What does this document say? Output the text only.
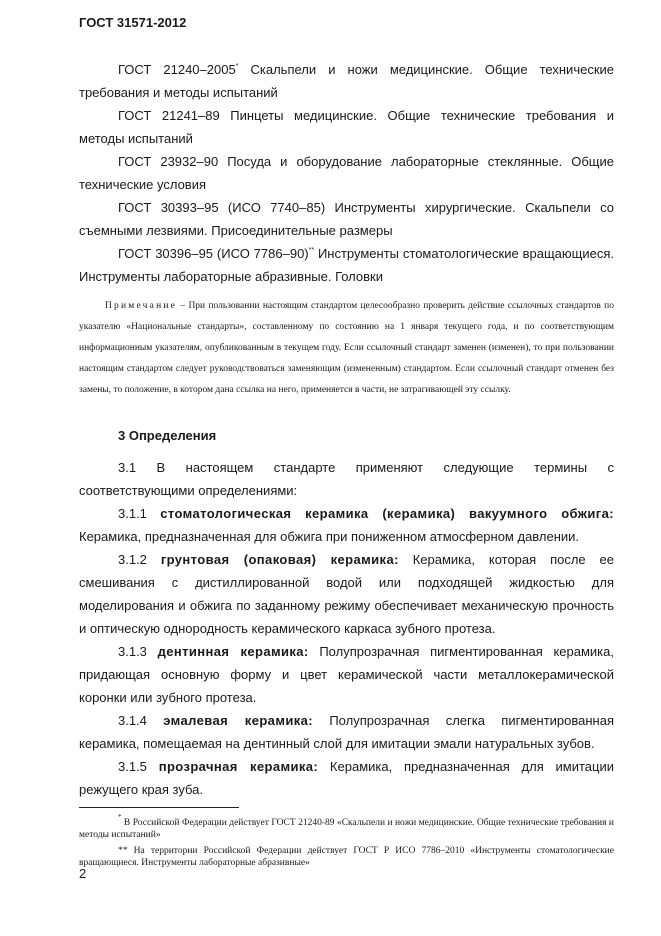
ГОСТ 31571-2012

ГОСТ 21240–2005* Скальпели и ножи медицинские. Общие технические требования и методы испытаний

ГОСТ 21241–89 Пинцеты медицинские. Общие технические требования и методы испытаний

ГОСТ 23932–90 Посуда и оборудование лабораторные стеклянные. Общие технические условия

ГОСТ 30393–95 (ИСО 7740–85) Инструменты хирургические. Скальпели со съемными лезвиями. Присоединительные размеры

ГОСТ 30396–95 (ИСО 7786–90)** Инструменты стоматологические вращающиеся. Инструменты лабораторные абразивные. Головки

Примечание – При пользовании настоящим стандартом целесообразно проверить действие ссылочных стандартов по указателю «Национальные стандарты», составленному по состоянию на 1 января текущего года, и по соответствующим информационным указателям, опубликованным в текущем году. Если ссылочный стандарт заменен (изменен), то при пользовании настоящим стандартом следует руководствоваться заменяющим (измененным) стандартом. Если ссылочный стандарт отменен без замены, то положение, в котором дана ссылка на него, применяется в части, не затрагивающей эту ссылку.

3 Определения

3.1 В настоящем стандарте применяют следующие термины с соответствующими определениями:

3.1.1 стоматологическая керамика (керамика) вакуумного обжига: Керамика, предназначенная для обжига при пониженном атмосферном давлении.

3.1.2 грунтовая (опаковая) керамика: Керамика, которая после ее смешивания с дистиллированной водой или подходящей жидкостью для моделирования и обжига по заданному режиму обеспечивает механическую прочность и оптическую однородность керамического каркаса зубного протеза.

3.1.3 дентинная керамика: Полупрозрачная пигментированная керамика, придающая основную форму и цвет керамической части металлокерамической коронки или зубного протеза.

3.1.4 эмалевая керамика: Полупрозрачная слегка пигментированная керамика, помещаемая на дентинный слой для имитации эмали натуральных зубов.

3.1.5 прозрачная керамика: Керамика, предназначенная для имитации режущего края зуба.

* В Российской Федерации действует ГОСТ 21240-89 «Скальпели и ножи медицинские. Общие технические требования и методы испытаний»

** На территории Российской Федерации действует ГОСТ Р ИСО 7786–2010 «Инструменты стоматологические вращающиеся. Инструменты лабораторные абразивные»

2
